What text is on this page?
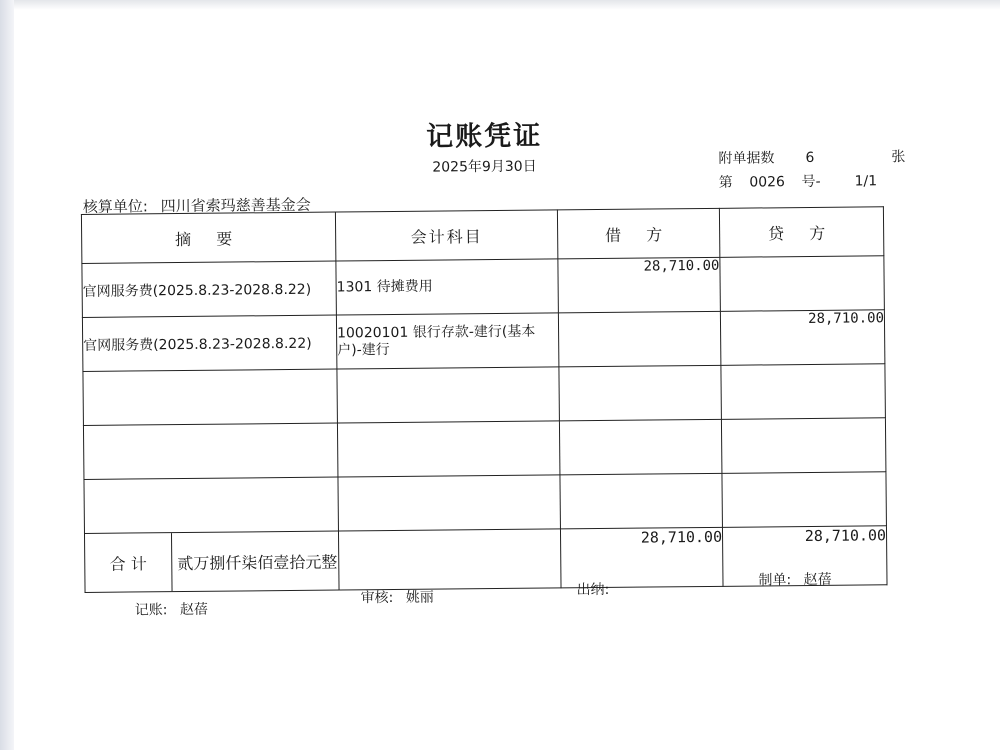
记账凭证
2025年9月30日
附单据数 6	张
第 0026 号- 1/1
核算单位: 四川省索玛慈善基金会
摘 要	会计科目	借 方	贷 方
官网服务费(2025.8.23-2028.8.22)	1301 待摊费用	28,710.00	
官网服务费(2025.8.23-2028.8.22)	10020101 银行存款-建行(基本户)-建行		28,710.00

合 计 贰万捌仟柒佰壹拾元整		28,710.00	28,710.00
记账: 赵蓓
审核: 姚丽	出纳:
制单: 赵蓓
